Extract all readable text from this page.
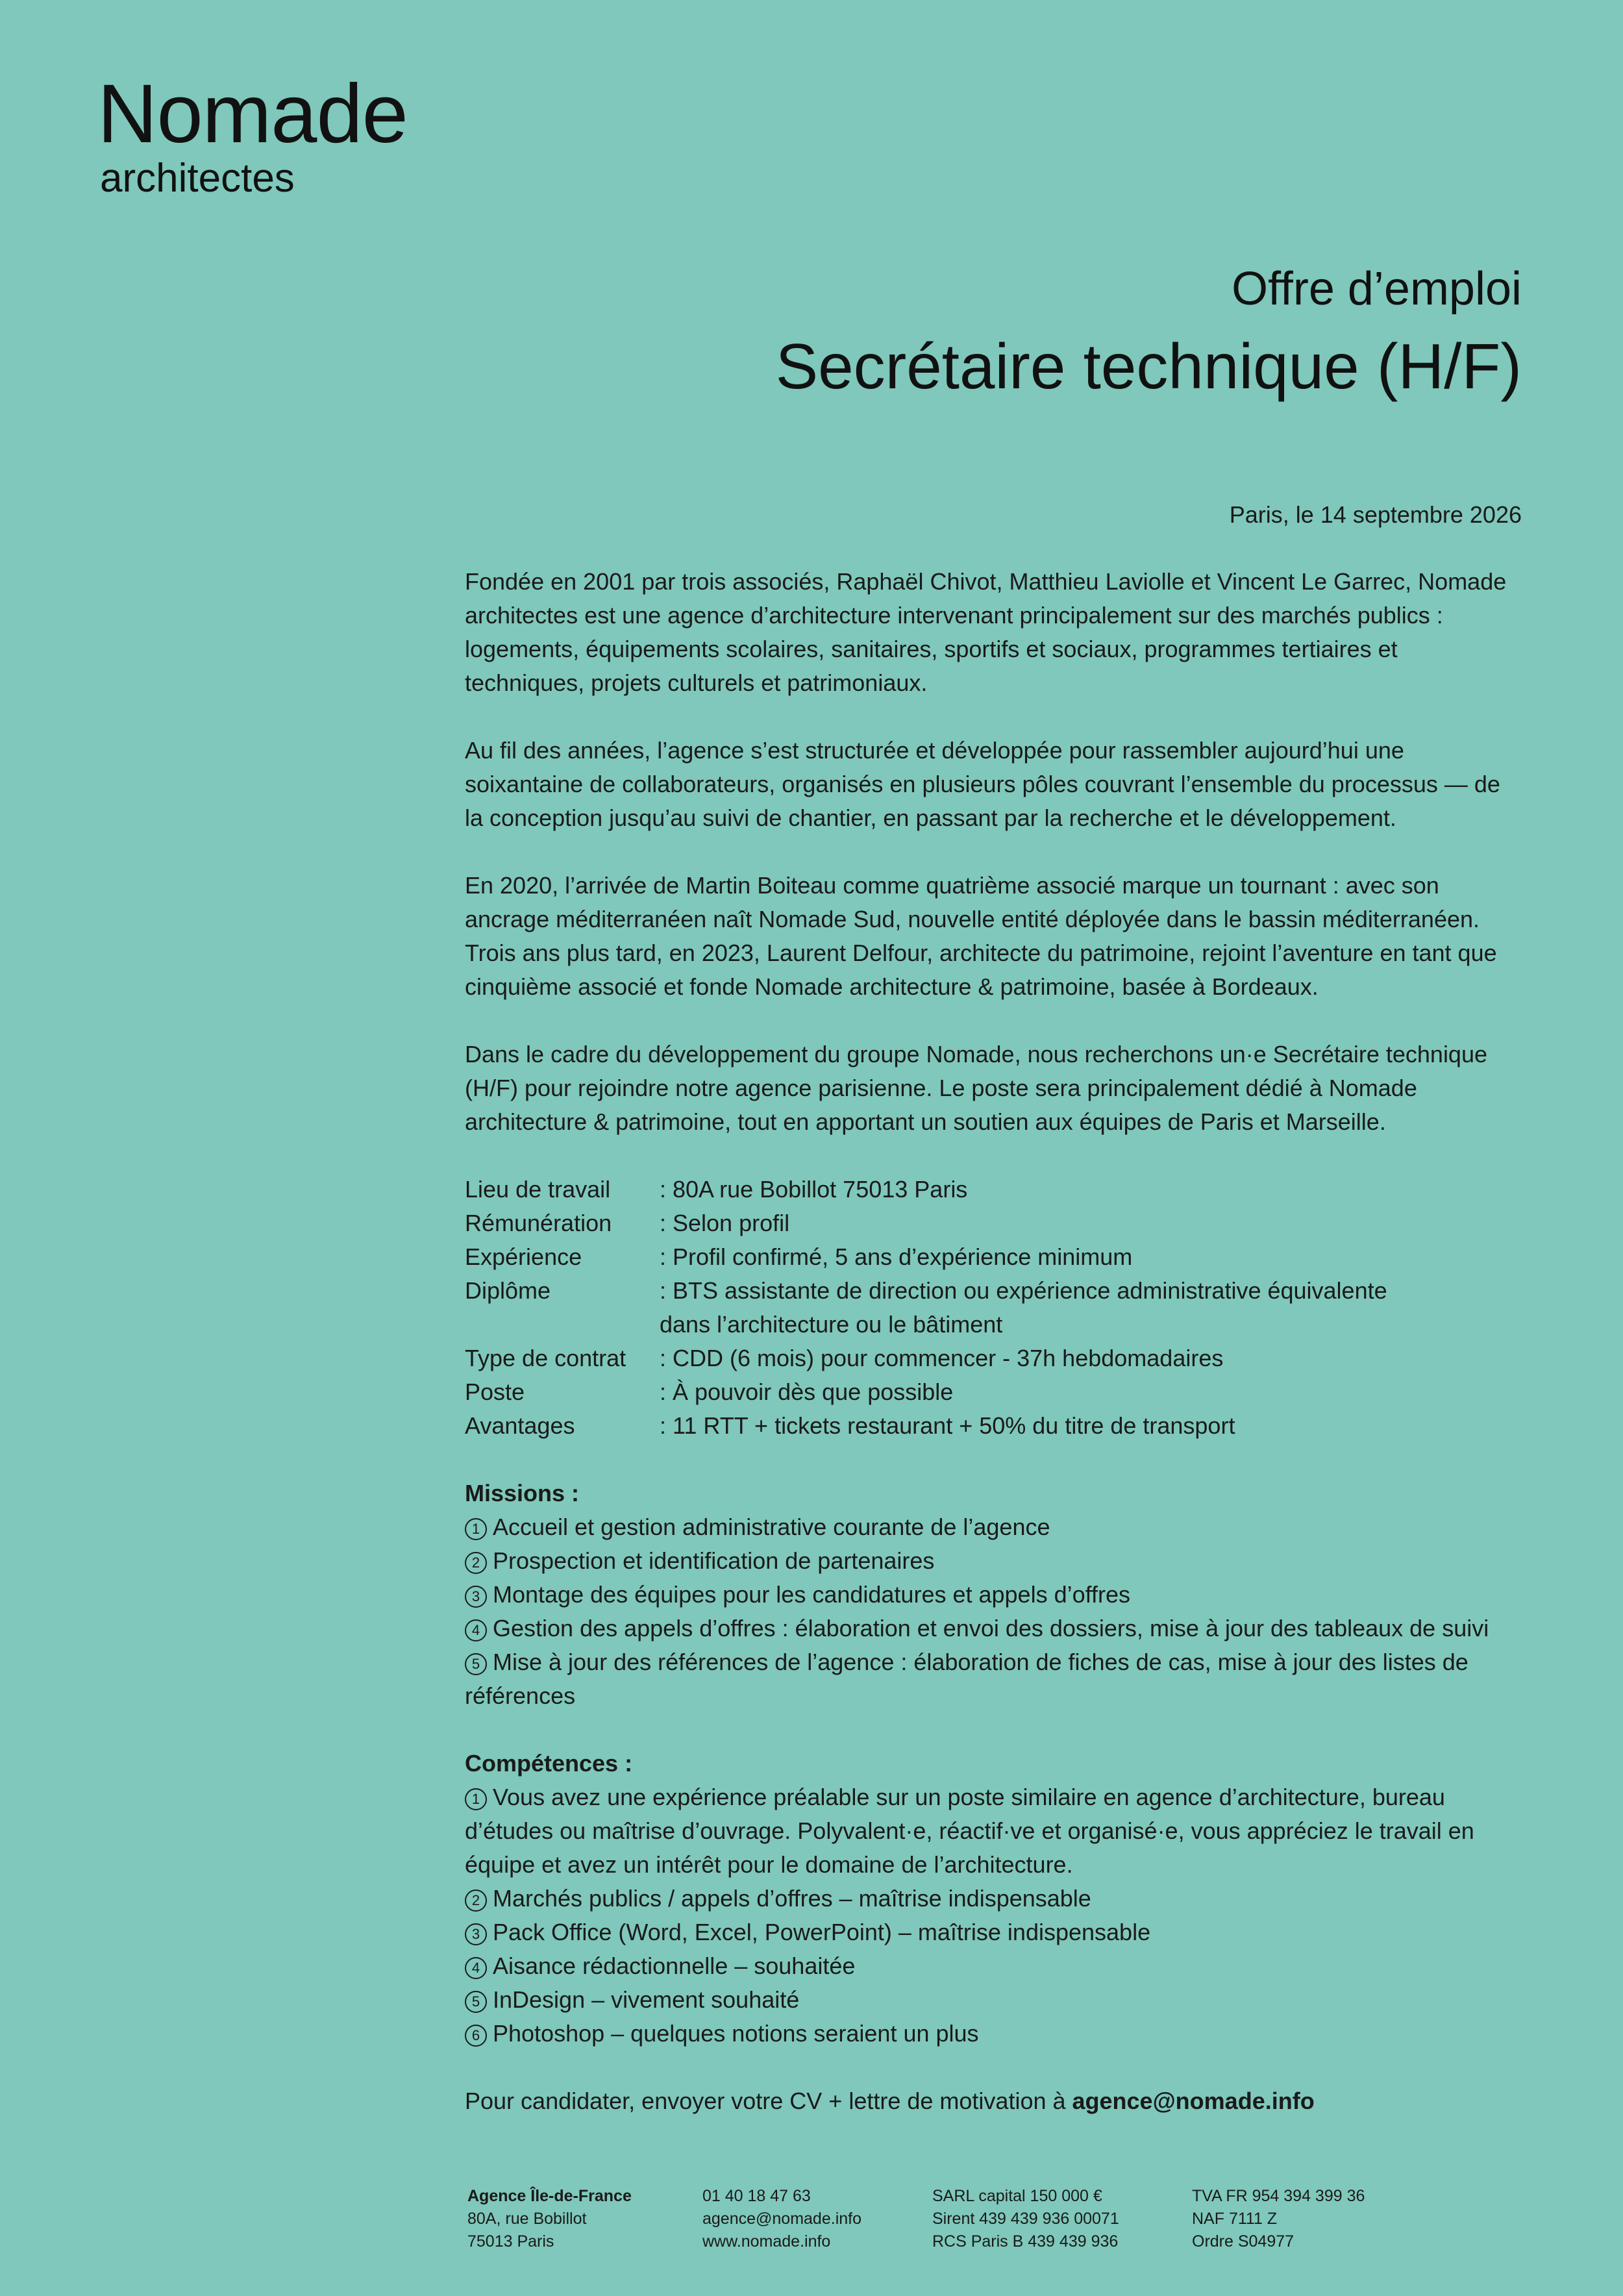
Nomade
architectes
Offre d’emploi
Secrétaire technique (H/F)
Paris, le 14 septembre 2026

Fondée en 2001 par trois associés, Raphaël Chivot, Matthieu Laviolle et Vincent Le Garrec, Nomade architectes est une agence d’architecture intervenant principalement sur des marchés publics : logements, équipements scolaires, sanitaires, sportifs et sociaux, programmes tertiaires et techniques, projets culturels et patrimoniaux.

Au fil des années, l’agence s’est structurée et développée pour rassembler aujourd’hui une soixantaine de collaborateurs, organisés en plusieurs pôles couvrant l’ensemble du processus — de la conception jusqu’au suivi de chantier, en passant par la recherche et le développement.

En 2020, l’arrivée de Martin Boiteau comme quatrième associé marque un tournant : avec son ancrage méditerranéen naît Nomade Sud, nouvelle entité déployée dans le bassin méditerranéen. Trois ans plus tard, en 2023, Laurent Delfour, architecte du patrimoine, rejoint l’aventure en tant que cinquième associé et fonde Nomade architecture & patrimoine, basée à Bordeaux.

Dans le cadre du développement du groupe Nomade, nous recherchons un·e Secrétaire technique (H/F) pour rejoindre notre agence parisienne. Le poste sera principalement dédié à Nomade architecture & patrimoine, tout en apportant un soutien aux équipes de Paris et Marseille.

Lieu de travail	: 80A rue Bobillot 75013 Paris
Rémunération	: Selon profil
Expérience	: Profil confirmé, 5 ans d’expérience minimum
Diplôme	: BTS assistante de direction ou expérience administrative équivalente
dans l’architecture ou le bâtiment
Type de contrat	: CDD (6 mois) pour commencer - 37h hebdomadaires
Poste	: À pouvoir dès que possible
Avantages	: 11 RTT + tickets restaurant + 50% du titre de transport
Missions :
1 Accueil et gestion administrative courante de l’agence
2 Prospection et identification de partenaires
3 Montage des équipes pour les candidatures et appels d’offres
4 Gestion des appels d’offres : élaboration et envoi des dossiers, mise à jour des tableaux de suivi
5 Mise à jour des références de l’agence : élaboration de fiches de cas, mise à jour des listes de références
Compétences :
1 Vous avez une expérience préalable sur un poste similaire en agence d’architecture, bureau d’études ou maîtrise d’ouvrage. Polyvalent·e, réactif·ve et organisé·e, vous appréciez le travail en équipe et avez un intérêt pour le domaine de l’architecture.
2 Marchés publics / appels d’offres – maîtrise indispensable
3 Pack Office (Word, Excel, PowerPoint) – maîtrise indispensable
4 Aisance rédactionnelle – souhaitée
5 InDesign – vivement souhaité
6 Photoshop – quelques notions seraient un plus
Pour candidater, envoyer votre CV + lettre de motivation à agence@nomade.info
Agence Île-de-France
80A, rue Bobillot
75013 Paris
01 40 18 47 63
agence@nomade.info
www.nomade.info
SARL capital 150 000 €
Sirent 439 439 936 00071
RCS Paris B 439 439 936
TVA FR 954 394 399 36
NAF 7111 Z
Ordre S04977
